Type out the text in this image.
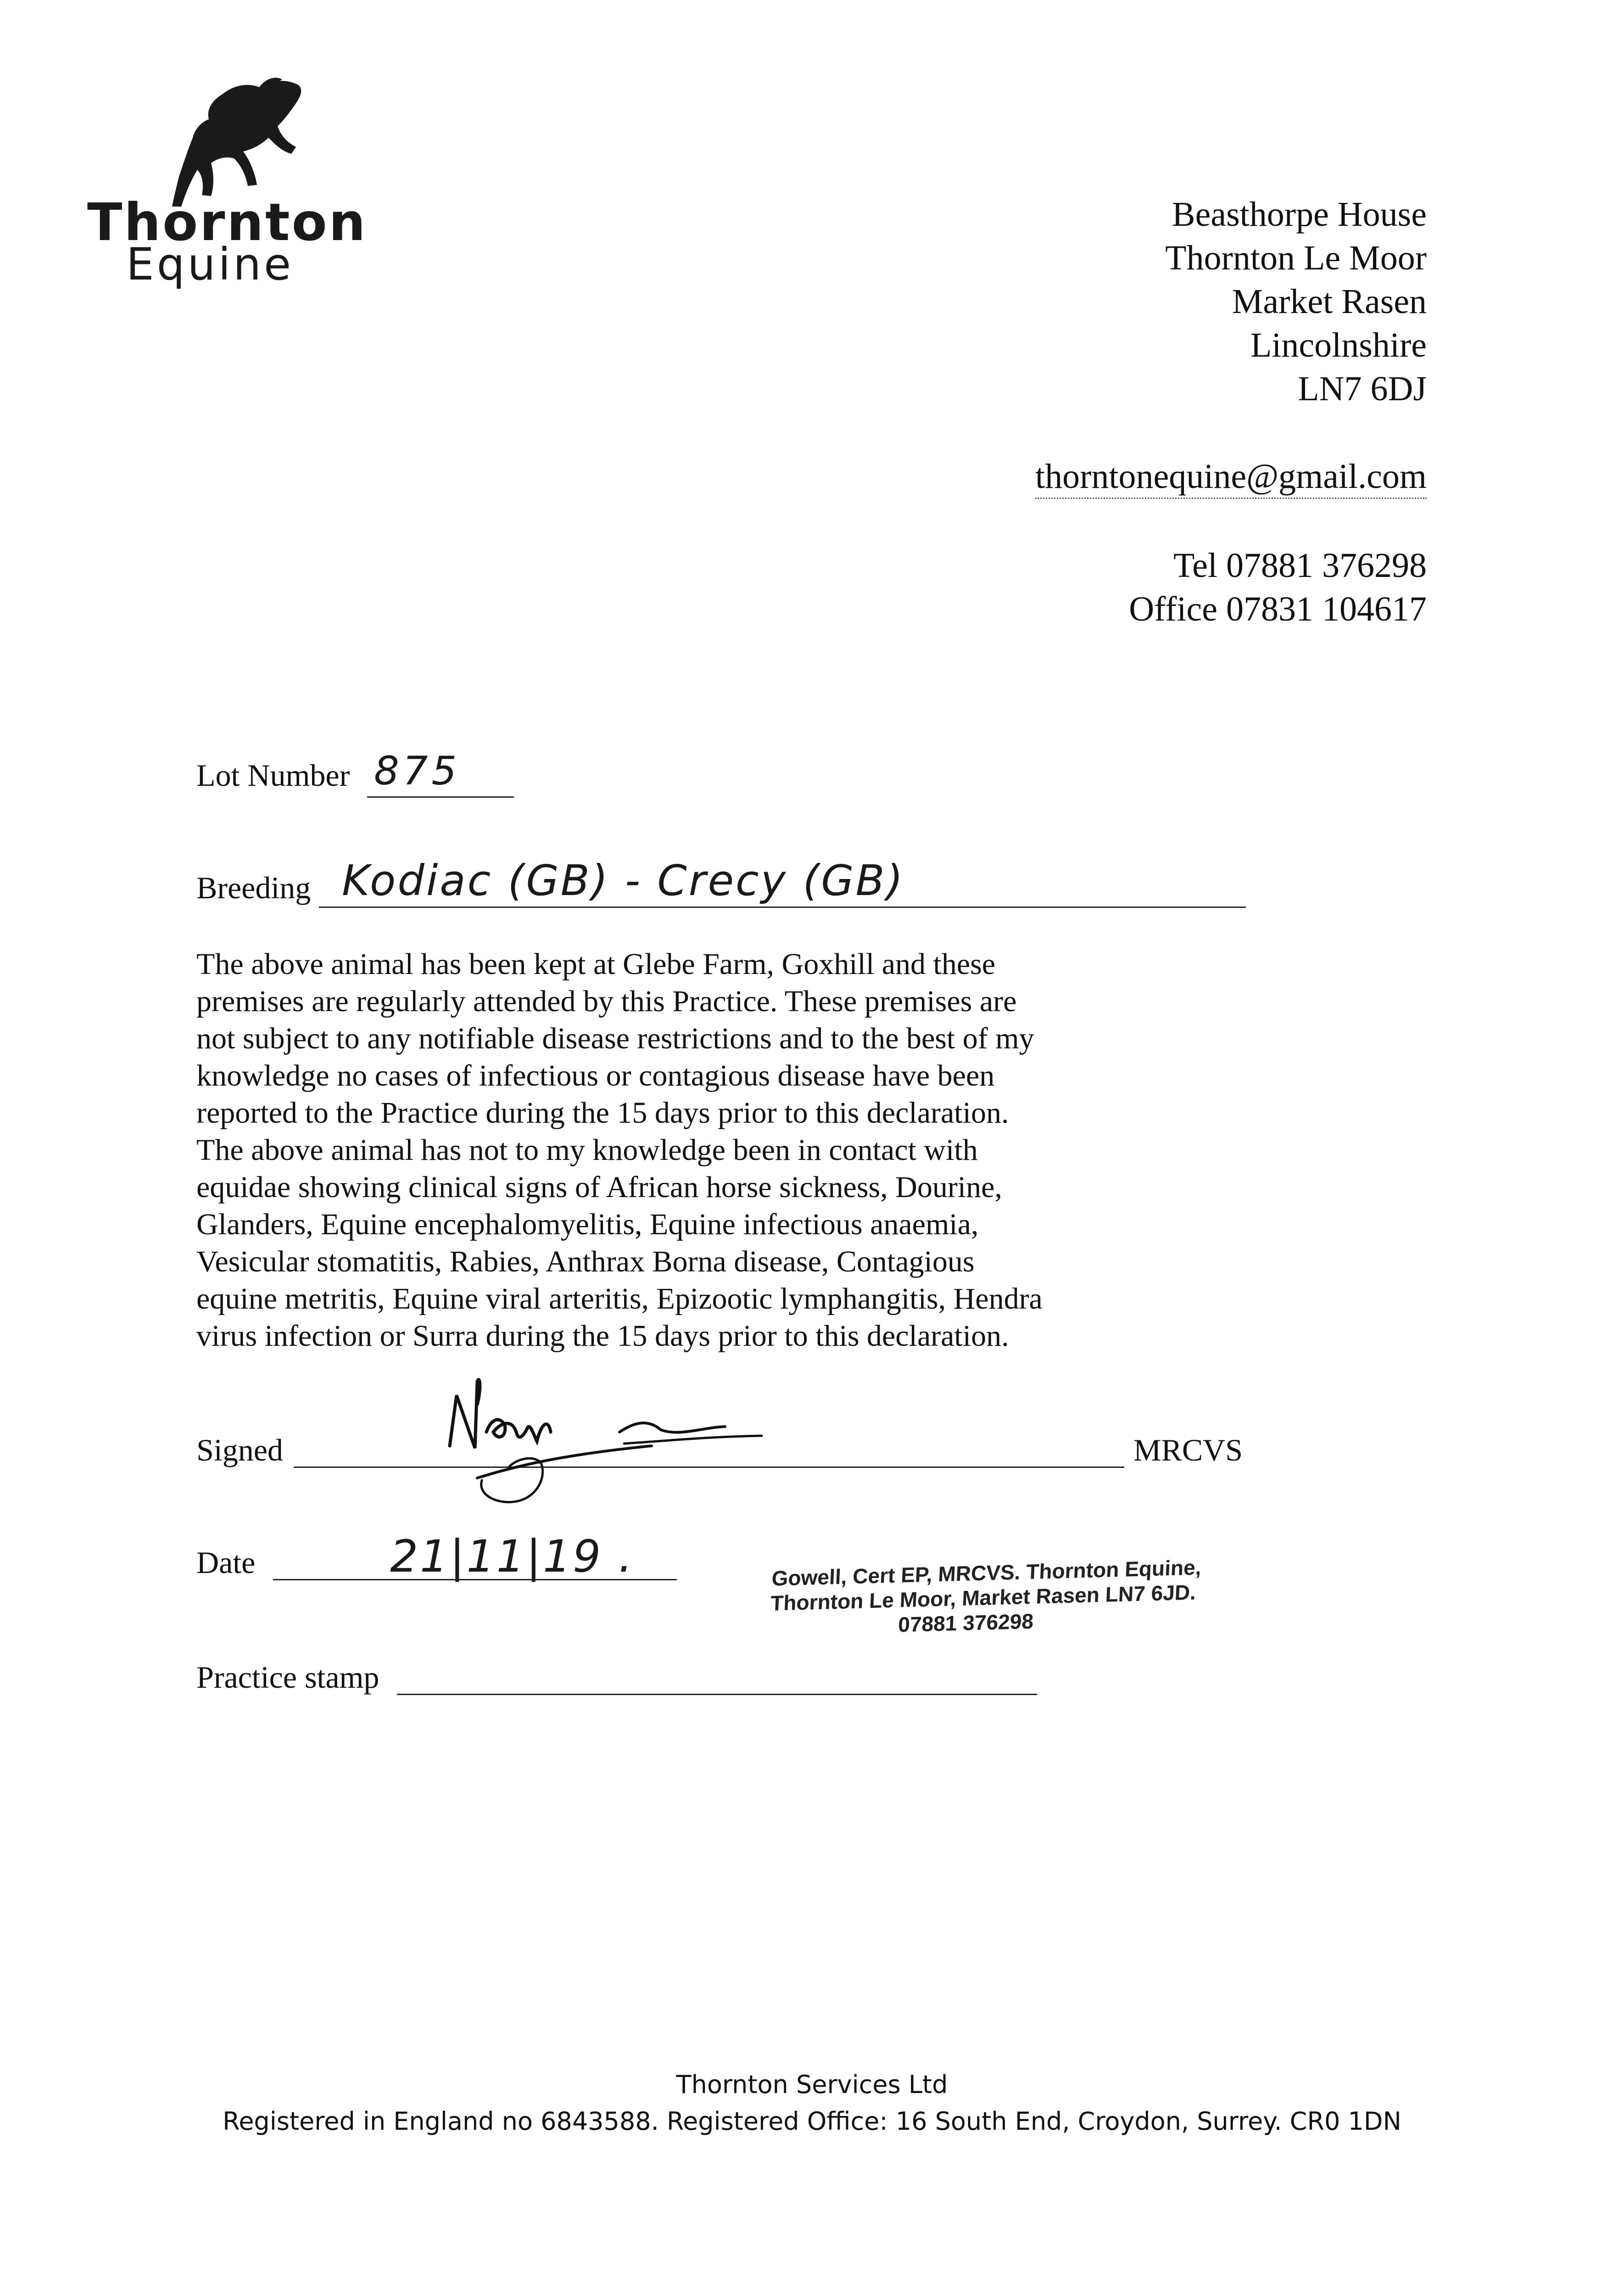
Thornton
Equine
Beasthorpe House
Thornton Le Moor
Market Rasen
Lincolnshire
LN7 6DJ
thorntonequine@gmail.com
Tel 07881 376298
Office 07831 104617
Lot Number 875
Breeding Kodiac (GB) - Crecy (GB)
The above animal has been kept at Glebe Farm, Goxhill and these
premises are regularly attended by this Practice. These premises are
not subject to any notifiable disease restrictions and to the best of my
knowledge no cases of infectious or contagious disease have been
reported to the Practice during the 15 days prior to this declaration.
The above animal has not to my knowledge been in contact with
equidae showing clinical signs of African horse sickness, Dourine,
Glanders, Equine encephalomyelitis, Equine infectious anaemia,
Vesicular stomatitis, Rabies, Anthrax Borna disease, Contagious
equine metritis, Equine viral arteritis, Epizootic lymphangitis, Hendra
virus infection or Surra during the 15 days prior to this declaration.
Signed	MRCVS
Date	21|11|19 .	Gowell, Cert EP, MRCVS. Thornton Equine,
Thornton Le Moor, Market Rasen LN7 6JD.
07881 376298
Practice stamp
Thornton Services Ltd
Registered in England no 6843588. Registered Office: 16 South End, Croydon, Surrey. CR0 1DN
